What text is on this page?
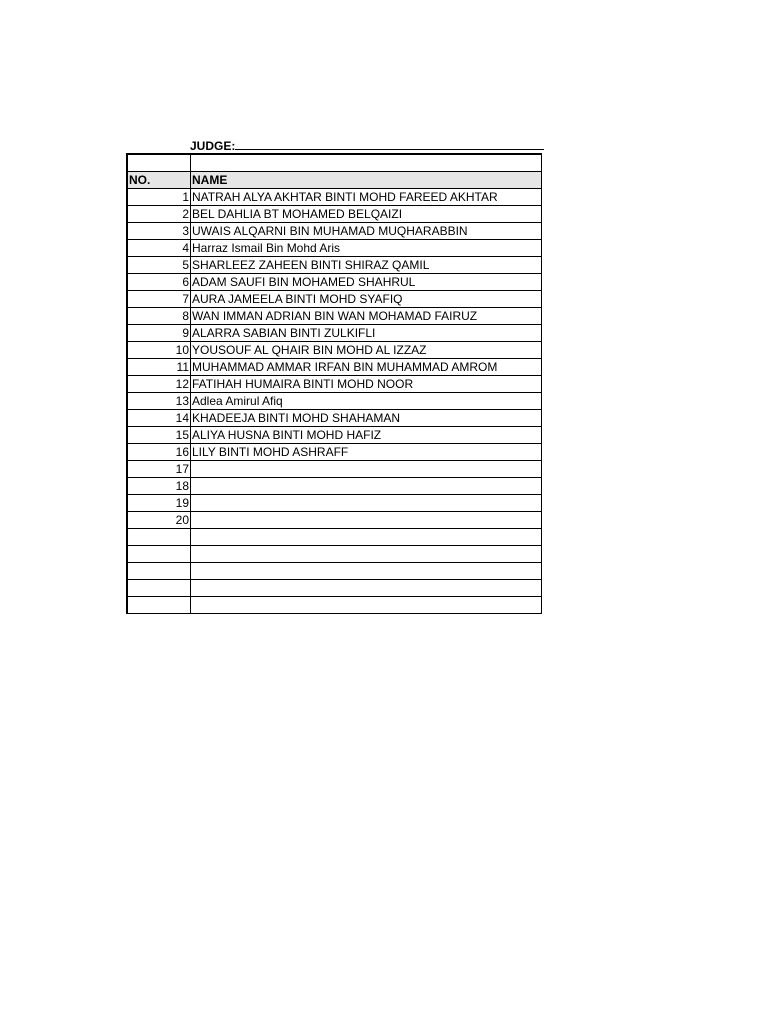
JUDGE:

NO.	NAME
1	NATRAH ALYA AKHTAR BINTI MOHD FAREED AKHTAR
2	BEL DAHLIA BT MOHAMED BELQAIZI
3	UWAIS ALQARNI BIN MUHAMAD MUQHARABBIN
4	Harraz Ismail Bin Mohd Aris
5	SHARLEEZ ZAHEEN BINTI SHIRAZ QAMIL
6	ADAM SAUFI BIN MOHAMED SHAHRUL
7	AURA JAMEELA BINTI MOHD SYAFIQ
8	WAN IMMAN ADRIAN BIN WAN MOHAMAD FAIRUZ
9	ALARRA SABIAN BINTI ZULKIFLI
10	YOUSOUF AL QHAIR BIN MOHD AL IZZAZ
11	MUHAMMAD AMMAR IRFAN BIN MUHAMMAD AMROM
12	FATIHAH HUMAIRA BINTI MOHD NOOR
13	Adlea Amirul Afiq
14	KHADEEJA BINTI MOHD SHAHAMAN
15	ALIYA HUSNA BINTI MOHD HAFIZ
16	LILY BINTI MOHD ASHRAFF
17	
18	
19	
20	
